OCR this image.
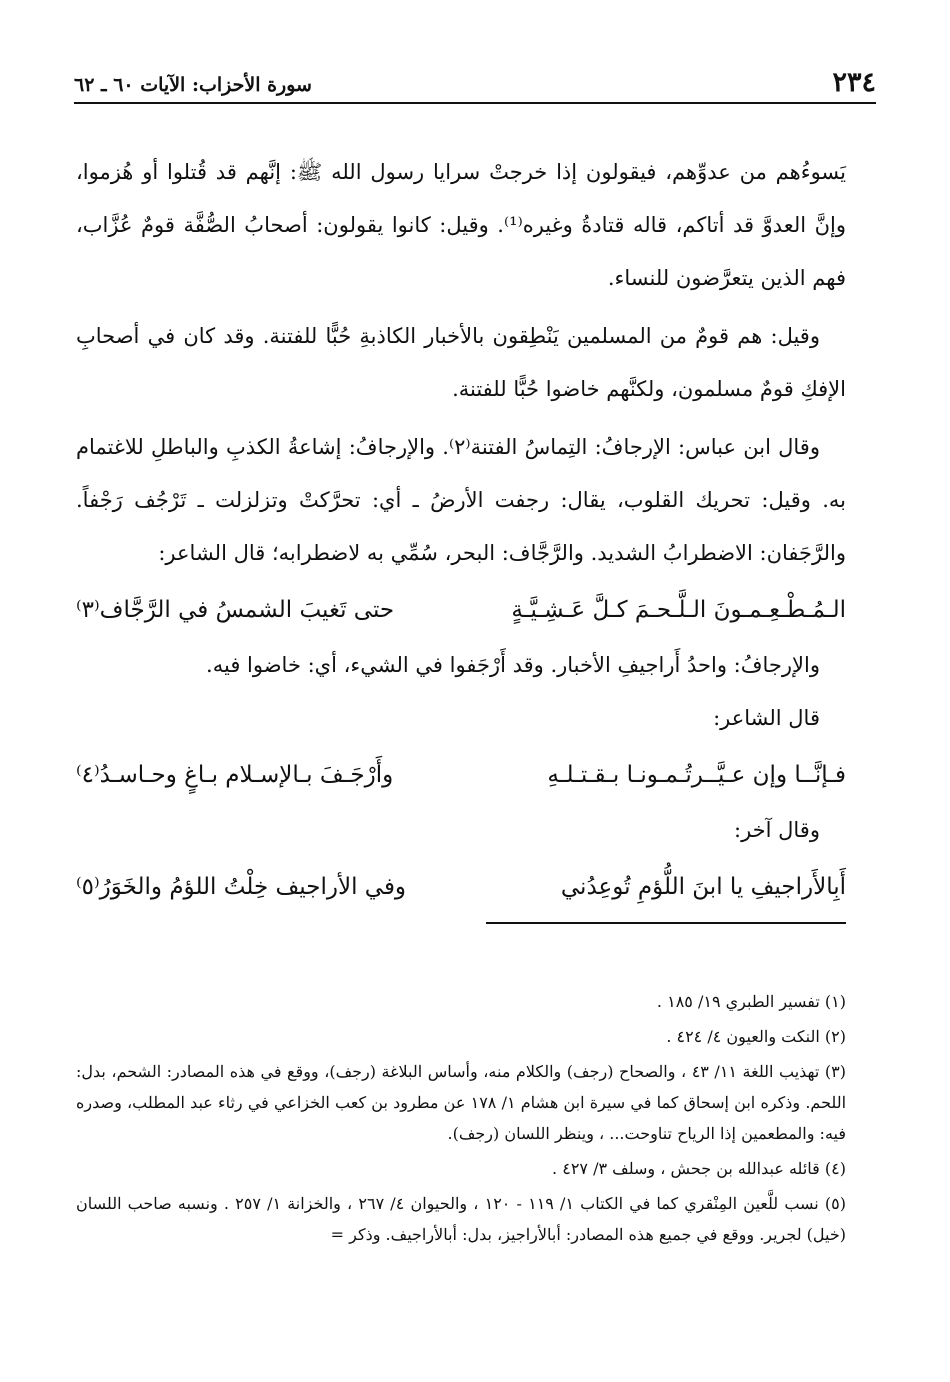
٢٣٤
سورة الأحزاب: الآيات ٦٠ ـ ٦٢

يَسوءُهم من عدوِّهم، فيقولون إذا خرجتْ سرايا رسول الله ﷺ: إنَّهم قد قُتلوا أو هُزموا، وإنَّ العدوَّ قد أتاكم، قاله قتادةُ وغيره⁽¹⁾. وقيل: كانوا يقولون: أصحابُ الصُّفَّة قومٌ عُزَّاب، فهم الذين يتعرَّضون للنساء.

وقيل: هم قومٌ من المسلمين يَنْطِقون بالأخبار الكاذبةِ حُبًّا للفتنة. وقد كان في أصحابِ الإفكِ قومٌ مسلمون، ولكنَّهم خاضوا حُبًّا للفتنة.

وقال ابن عباس: الإرجافُ: التِماسُ الفتنة⁽٢⁾. والإرجافُ: إشاعةُ الكذبِ والباطلِ للاغتمام به. وقيل: تحريك القلوب، يقال: رجفت الأرضُ ـ أي: تحرَّكتْ وتزلزلت ـ تَرْجُف رَجْفاً. والرَّجَفان: الاضطرابُ الشديد. والرَّجَّاف: البحر، سُمِّي به لاضطرابه؛ قال الشاعر:

الـمُـطْـعِـمـونَ الـلَّـحـمَ كـلَّ عَـشِـيَّـةٍ
حتى تَغيبَ الشمسُ في الرَّجَّاف⁽٣⁾

والإرجافُ: واحدُ أَراجيفِ الأخبار. وقد أَرْجَفوا في الشيء، أي: خاضوا فيه.

قال الشاعر:

فـإنَّــا وإن عـيَّــرتُـمـونـا بـقـتـلـهِ
وأَرْجَـفَ بـالإسـلام بـاغٍ وحـاسـدُ⁽٤⁾

وقال آخر:

أَبِالأَراجيفِ يا ابنَ اللُّؤمِ تُوعِدُني
وفي الأراجيف خِلْتُ اللؤمُ والخَوَرُ⁽٥⁾

(١) تفسير الطبري ١٩/ ١٨٥ .

(٢) النكت والعيون ٤/ ٤٢٤ .

(٣) تهذيب اللغة ١١/ ٤٣ ، والصحاح (رجف) والكلام منه، وأساس البلاغة (رجف)، ووقع في هذه المصادر: الشحم، بدل: اللحم. وذكره ابن إسحاق كما في سيرة ابن هشام ١/ ١٧٨ عن مطرود بن كعب الخزاعي في رثاء عبد المطلب، وصدره فيه: والمطعمين إذا الرياح تناوحت... ، وينظر اللسان (رجف).

(٤) قائله عبدالله بن جحش ، وسلف ٣/ ٤٢٧ .

(٥) نسب للَّعين المِنْقري كما في الكتاب ١/ ١١٩ - ١٢٠ ، والحيوان ٤/ ٢٦٧ ، والخزانة ١/ ٢٥٧ . ونسبه صاحب اللسان (خيل) لجرير. ووقع في جميع هذه المصادر: أبالأراجيز، بدل: أبالأراجيف. وذكر =
